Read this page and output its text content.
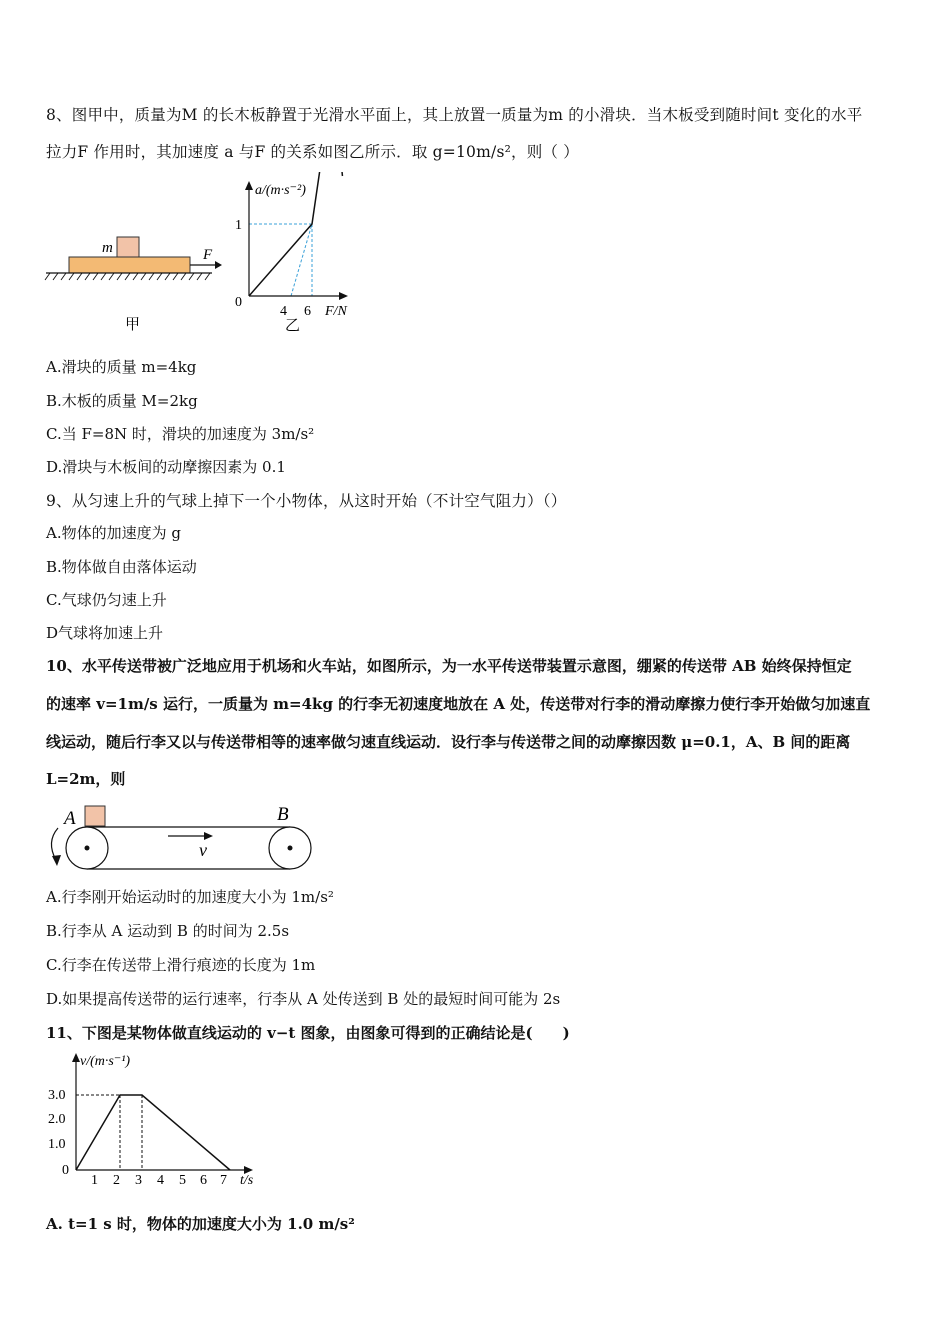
8、图甲中，质量为M 的长木板静置于光滑水平面上，其上放置一质量为m 的小滑块．当木板受到随时间t 变化的水平
拉力F 作用时，其加速度 a 与F 的关系如图乙所示．取 g=10m/s²，则（ ）
m	F
甲
a/(m·s⁻²)
1
0
4 6 F/N
乙
A.滑块的质量 m=4kg
B.木板的质量 M=2kg
C.当 F=8N 时，滑块的加速度为 3m/s²
D.滑块与木板间的动摩擦因素为 0.1
9、从匀速上升的气球上掉下一个小物体，从这时开始（不计空气阻力）（）
A.物体的加速度为 g
B.物体做自由落体运动
C.气球仍匀速上升
D气球将加速上升
10、水平传送带被广泛地应用于机场和火车站，如图所示，为一水平传送带装置示意图，绷紧的传送带 AB 始终保持恒定
的速率 v=1m/s 运行，一质量为 m=4kg 的行李无初速度地放在 A 处，传送带对行李的滑动摩擦力使行李开始做匀加速直
线运动，随后行李又以与传送带相等的速率做匀速直线运动．设行李与传送带之间的动摩擦因数 μ=0.1，A、B 间的距离
L=2m，则
A	B
v
A.行李刚开始运动时的加速度大小为 1m/s²
B.行李从 A 运动到 B 的时间为 2.5s
C.行李在传送带上滑行痕迹的长度为 1m
D.如果提高传送带的运行速率，行李从 A 处传送到 B 处的最短时间可能为 2s
11、下图是某物体做直线运动的 v−t 图象，由图象可得到的正确结论是(　　)
v/(m·s⁻¹)
3.0
2.0
1.0
0
1 2 3 4 5 6 7 t/s
A. t=1 s 时，物体的加速度大小为 1.0 m/s²
